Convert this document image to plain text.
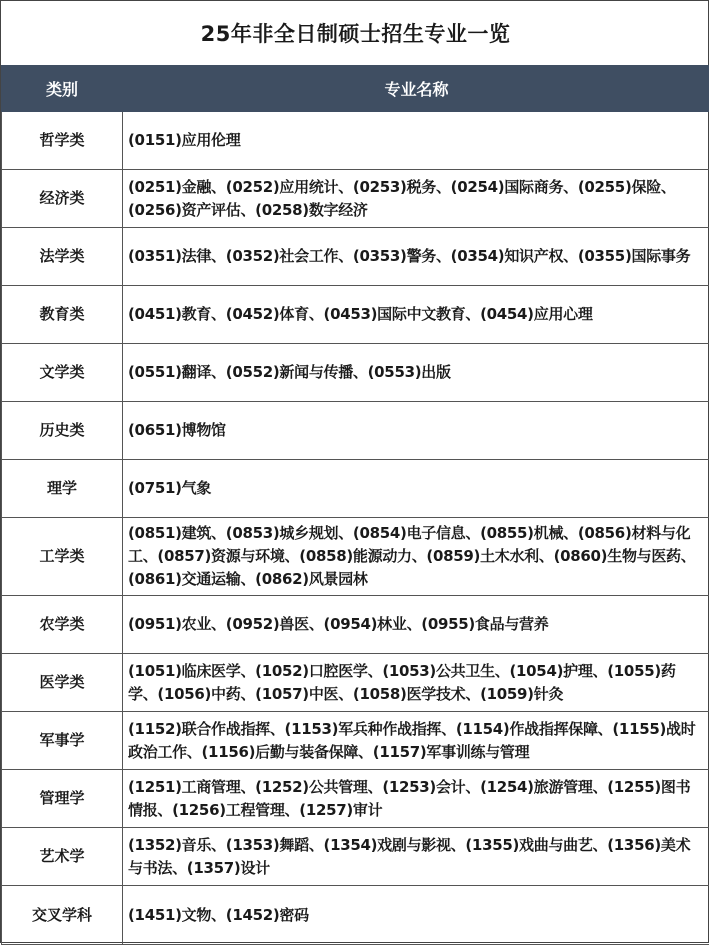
25年非全日制硕士招生专业一览
类别	专业名称
哲学类	(0151)应用伦理
经济类	(0251)金融、(0252)应用统计、(0253)税务、(0254)国际商务、(0255)保险、(0256)资产评估、(0258)数字经济
法学类	(0351)法律、(0352)社会工作、(0353)警务、(0354)知识产权、(0355)国际事务
教育类	(0451)教育、(0452)体育、(0453)国际中文教育、(0454)应用心理
文学类	(0551)翻译、(0552)新闻与传播、(0553)出版
历史类	(0651)博物馆
理学	(0751)气象
工学类	(0851)建筑、(0853)城乡规划、(0854)电子信息、(0855)机械、(0856)材料与化工、(0857)资源与环境、(0858)能源动力、(0859)土木水利、(0860)生物与医药、(0861)交通运输、(0862)风景园林
农学类	(0951)农业、(0952)兽医、(0954)林业、(0955)食品与营养
医学类	(1051)临床医学、(1052)口腔医学、(1053)公共卫生、(1054)护理、(1055)药学、(1056)中药、(1057)中医、(1058)医学技术、(1059)针灸
军事学	(1152)联合作战指挥、(1153)军兵种作战指挥、(1154)作战指挥保障、(1155)战时政治工作、(1156)后勤与装备保障、(1157)军事训练与管理
管理学	(1251)工商管理、(1252)公共管理、(1253)会计、(1254)旅游管理、(1255)图书情报、(1256)工程管理、(1257)审计
艺术学	(1352)音乐、(1353)舞蹈、(1354)戏剧与影视、(1355)戏曲与曲艺、(1356)美术与书法、(1357)设计
交叉学科	(1451)文物、(1452)密码
